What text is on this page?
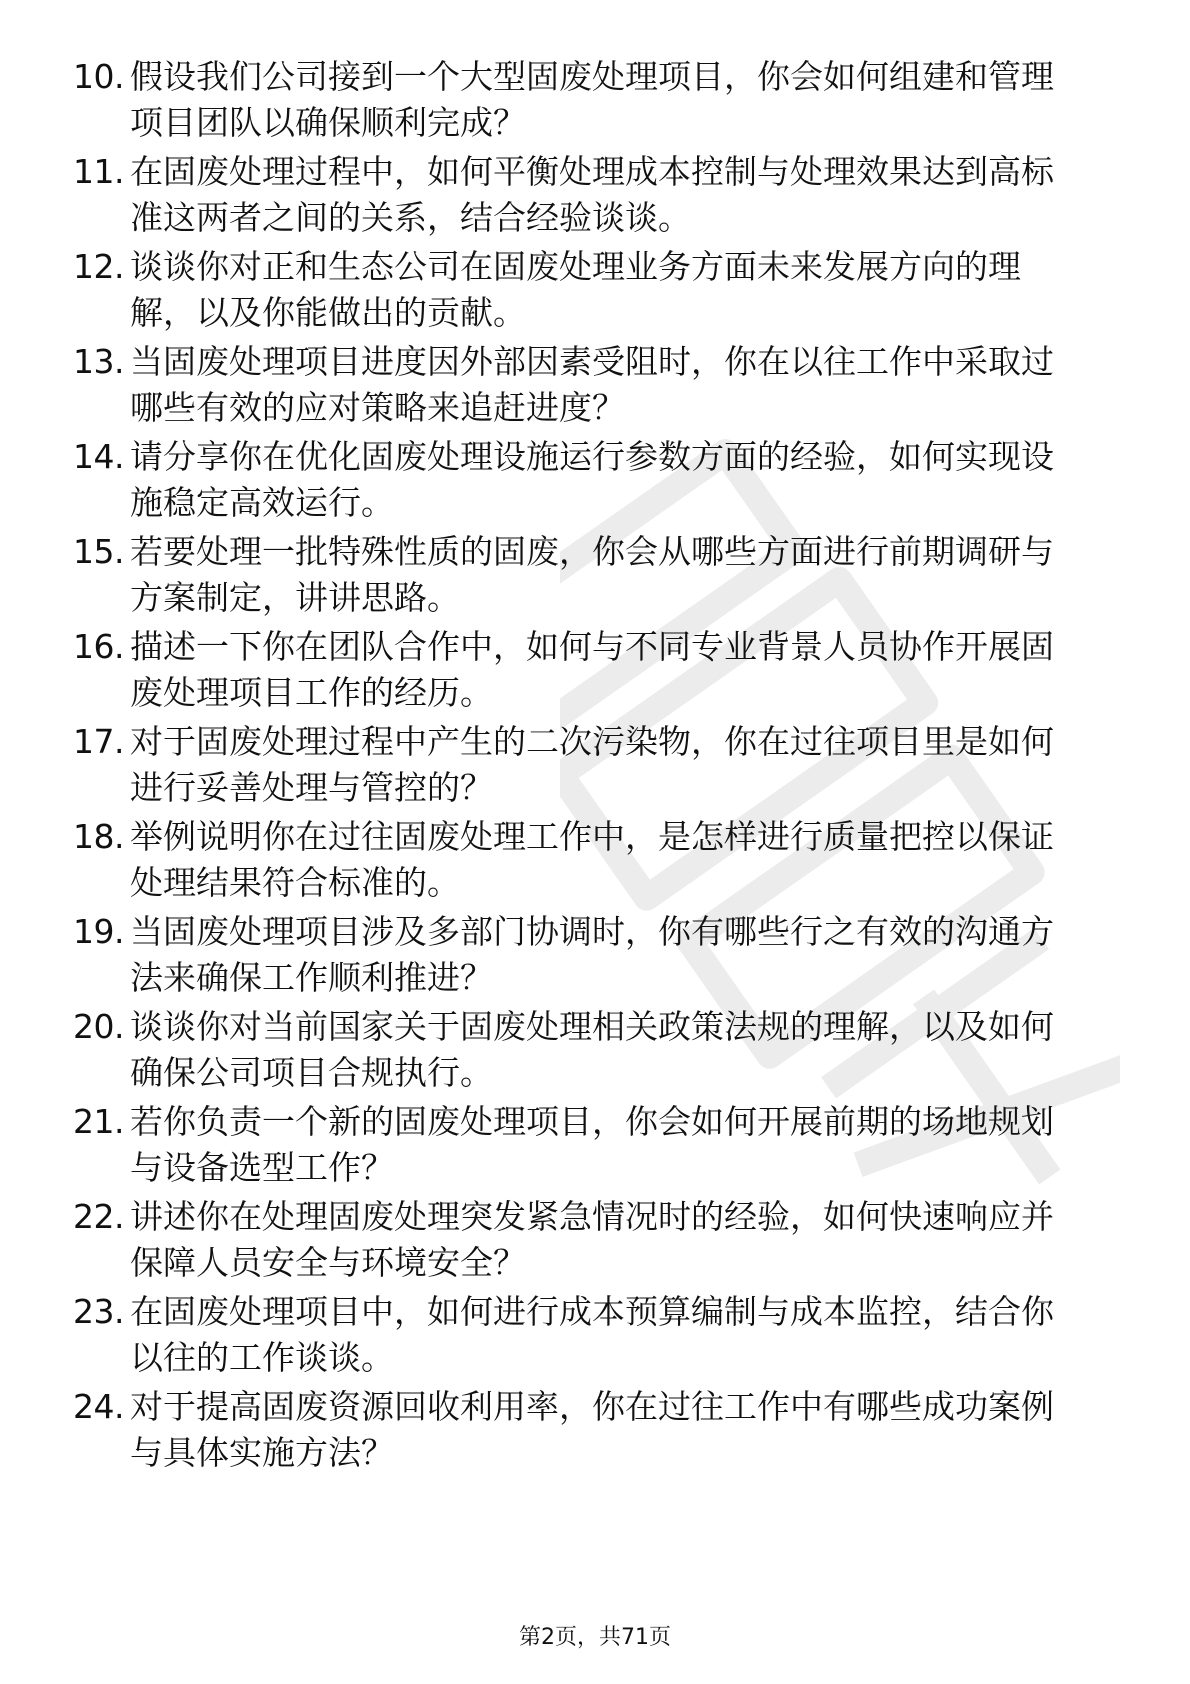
10. 假设我们公司接到一个大型固废处理项目，你会如何组建和管理
项目团队以确保顺利完成？
11. 在固废处理过程中，如何平衡处理成本控制与处理效果达到高标
准这两者之间的关系，结合经验谈谈。
12. 谈谈你对正和生态公司在固废处理业务方面未来发展方向的理
解，以及你能做出的贡献。
13. 当固废处理项目进度因外部因素受阻时，你在以往工作中采取过
哪些有效的应对策略来追赶进度？
14. 请分享你在优化固废处理设施运行参数方面的经验，如何实现设
施稳定高效运行。
15. 若要处理一批特殊性质的固废，你会从哪些方面进行前期调研与
方案制定，讲讲思路。
16. 描述一下你在团队合作中，如何与不同专业背景人员协作开展固
废处理项目工作的经历。
17. 对于固废处理过程中产生的二次污染物，你在过往项目里是如何
进行妥善处理与管控的？
18. 举例说明你在过往固废处理工作中，是怎样进行质量把控以保证
处理结果符合标准的。
19. 当固废处理项目涉及多部门协调时，你有哪些行之有效的沟通方
法来确保工作顺利推进？
20. 谈谈你对当前国家关于固废处理相关政策法规的理解，以及如何
确保公司项目合规执行。
21. 若你负责一个新的固废处理项目，你会如何开展前期的场地规划
与设备选型工作？
22. 讲述你在处理固废处理突发紧急情况时的经验，如何快速响应并
保障人员安全与环境安全？
23. 在固废处理项目中，如何进行成本预算编制与成本监控，结合你
以往的工作谈谈。
24. 对于提高固废资源回收利用率，你在过往工作中有哪些成功案例
与具体实施方法？
第2页，共71页
